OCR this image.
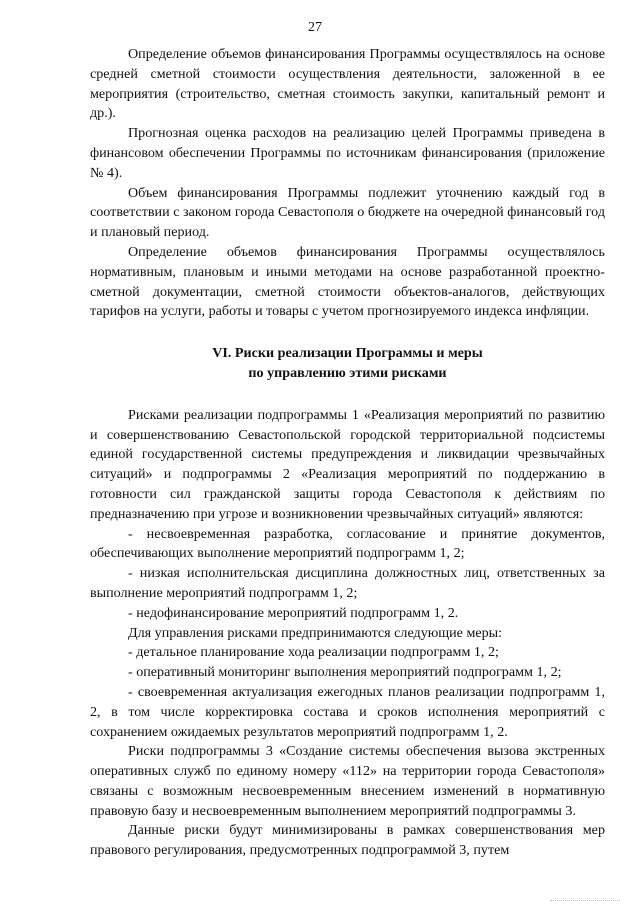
27

Определение объемов финансирования Программы осуществлялось на основе средней сметной стоимости осуществления деятельности, заложенной в ее мероприятия (строительство, сметная стоимость закупки, капитальный ремонт и др.).

Прогнозная оценка расходов на реализацию целей Программы приведена в финансовом обеспечении Программы по источникам финансирования (приложение № 4).

Объем финансирования Программы подлежит уточнению каждый год в соответствии с законом города Севастополя о бюджете на очередной финансовый год и плановый период.

Определение объемов финансирования Программы осуществлялось нормативным, плановым и иными методами на основе разработанной проектно-сметной документации, сметной стоимости объектов-аналогов, действующих тарифов на услуги, работы и товары с учетом прогнозируемого индекса инфляции.

VI. Риски реализации Программы и меры
по управлению этими рисками

Рисками реализации подпрограммы 1 «Реализация мероприятий по развитию и совершенствованию Севастопольской городской территориальной подсистемы единой государственной системы предупреждения и ликвидации чрезвычайных ситуаций» и подпрограммы 2 «Реализация мероприятий по поддержанию в готовности сил гражданской защиты города Севастополя к действиям по предназначению при угрозе и возникновении чрезвычайных ситуаций» являются:

- несвоевременная разработка, согласование и принятие документов, обеспечивающих выполнение мероприятий подпрограмм 1, 2;

- низкая исполнительская дисциплина должностных лиц, ответственных за выполнение мероприятий подпрограмм 1, 2;

- недофинансирование мероприятий подпрограмм 1, 2.

Для управления рисками предпринимаются следующие меры:

- детальное планирование хода реализации подпрограмм 1, 2;

- оперативный мониторинг выполнения мероприятий подпрограмм 1, 2;

- своевременная актуализация ежегодных планов реализации подпрограмм 1, 2, в том числе корректировка состава и сроков исполнения мероприятий с сохранением ожидаемых результатов мероприятий подпрограмм 1, 2.

Риски подпрограммы 3 «Создание системы обеспечения вызова экстренных оперативных служб по единому номеру «112» на территории города Севастополя» связаны с возможным несвоевременным внесением изменений в нормативную правовую базу и несвоевременным выполнением мероприятий подпрограммы 3.

Данные риски будут минимизированы в рамках совершенствования мер правового регулирования, предусмотренных подпрограммой 3, путем
